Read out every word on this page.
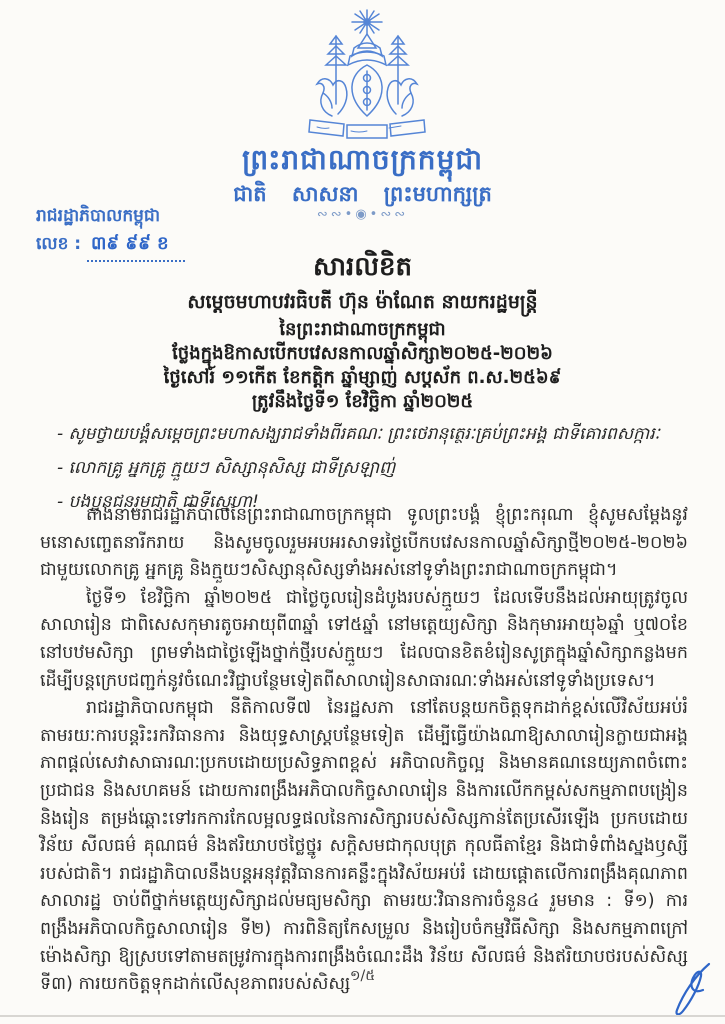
ព្រះរាជាណាចក្រកម្ពុជា
ជាតិ សាសនា ព្រះមហាក្សត្រ
∾∾•◉•∾∾
រាជរដ្ឋាភិបាលកម្ពុជា
លេខ : ៣៩ ៩៩ ខ
សារលិខិត
សម្តេចមហាបវរធិបតី ហ៊ុន ម៉ាណែត នាយករដ្ឋមន្ត្រី
នៃព្រះរាជាណាចក្រកម្ពុជា
ថ្លែងក្នុងឱកាសបើកបវេសនកាលឆ្នាំសិក្សា២០២៥-២០២៦
ថ្ងៃសៅរ៍ ១១កើត ខែកត្តិក ឆ្នាំម្សាញ់ សប្តស័ក ព.ស.២៥៦៩
ត្រូវនឹងថ្ងៃទី១ ខែវិច្ឆិកា ឆ្នាំ២០២៥
- សូមថ្វាយបង្គំសម្តេចព្រះមហាសង្ឃរាជទាំងពីរគណៈ ព្រះថេរានុត្ថេរៈគ្រប់ព្រះអង្គ ជាទីគោរពសក្ការៈ
- លោកគ្រូ អ្នកគ្រូ ក្មួយៗ សិស្សានុសិស្ស ជាទីស្រឡាញ់
- បងប្អូនជនរួមជាតិ ជាទីស្នេហា!

តាងនាមរាជរដ្ឋាភិបាលនៃព្រះរាជាណាចក្រកម្ពុជា ទូលព្រះបង្គំ ខ្ញុំព្រះករុណា ខ្ញុំសូមសម្តែងនូវមនោសញ្ចេតនារីករាយ និងសូមចូលរួមអបអរសាទរថ្ងៃបើកបវេសនកាលឆ្នាំសិក្សាថ្មី២០២៥-២០២៦ ជាមួយលោកគ្រូ អ្នកគ្រូ និងក្មួយៗសិស្សានុសិស្សទាំងអស់នៅទូទាំងព្រះរាជាណាចក្រកម្ពុជា។

ថ្ងៃទី១ ខែវិច្ឆិកា ឆ្នាំ២០២៥ ជាថ្ងៃចូលរៀនដំបូងរបស់ក្មួយៗ ដែលទើបនឹងដល់អាយុត្រូវចូលសាលារៀន ជាពិសេសកុមារតូចអាយុពី៣ឆ្នាំ ទៅ៥ឆ្នាំ នៅមត្តេយ្យសិក្សា និងកុមារអាយុ៦ឆ្នាំ ឬ៧០ខែ នៅបឋមសិក្សា ព្រមទាំងជាថ្ងៃឡើងថ្នាក់ថ្មីរបស់ក្មួយៗ ដែលបានខិតខំរៀនសូត្រក្នុងឆ្នាំសិក្សាកន្លងមក ដើម្បីបន្តក្រេបជញ្ជក់នូវចំណេះវិជ្ជាបន្ថែមទៀតពីសាលារៀនសាធារណៈទាំងអស់នៅទូទាំងប្រទេស។

រាជរដ្ឋាភិបាលកម្ពុជា នីតិកាលទី៧ នៃរដ្ឋសភា នៅតែបន្តយកចិត្តទុកដាក់ខ្ពស់លើវិស័យអប់រំ តាមរយៈការបន្តរិះរកវិធានការ និងយុទ្ធសាស្ត្របន្ថែមទៀត ដើម្បីធ្វើយ៉ាងណាឱ្យសាលារៀនក្លាយជាអង្គភាពផ្តល់សេវាសាធារណៈប្រកបដោយប្រសិទ្ធភាពខ្ពស់ អភិបាលកិច្ចល្អ និងមានគណនេយ្យភាពចំពោះប្រជាជន និងសហគមន៍ ដោយការពង្រឹងអភិបាលកិច្ចសាលារៀន និងការលើកកម្ពស់សកម្មភាពបង្រៀននិងរៀន តម្រង់ឆ្ពោះទៅរកការកែលម្អលទ្ធផលនៃការសិក្សារបស់សិស្សកាន់តែប្រសើរឡើង ប្រកបដោយវិន័យ សីលធម៌ គុណធម៌ និងឥរិយាបថថ្លៃថ្នូរ សក្តិសមជាកុលបុត្រ កុលធីតាខ្មែរ និងជាទំពាំងស្នងឫស្សីរបស់ជាតិ។ រាជរដ្ឋាភិបាលនឹងបន្តអនុវត្តវិធានការគន្លឹះក្នុងវិស័យអប់រំ ដោយផ្តោតលើការពង្រឹងគុណភាពសាលារដ្ឋ ចាប់ពីថ្នាក់មត្តេយ្យសិក្សាដល់មធ្យមសិក្សា តាមរយៈវិធានការចំនួន៤ រួមមាន : ទី១) ការពង្រឹងអភិបាលកិច្ចសាលារៀន ទី២) ការពិនិត្យកែសម្រួល និងរៀបចំកម្មវិធីសិក្សា និងសកម្មភាពក្រៅម៉ោងសិក្សា ឱ្យស្របទៅតាមតម្រូវការក្នុងការពង្រឹងចំណេះដឹង វិន័យ សីលធម៌ និងឥរិយាបថរបស់សិស្ស ទី៣) ការយកចិត្តទុកដាក់លើសុខភាពរបស់សិស្ស ១/៥
